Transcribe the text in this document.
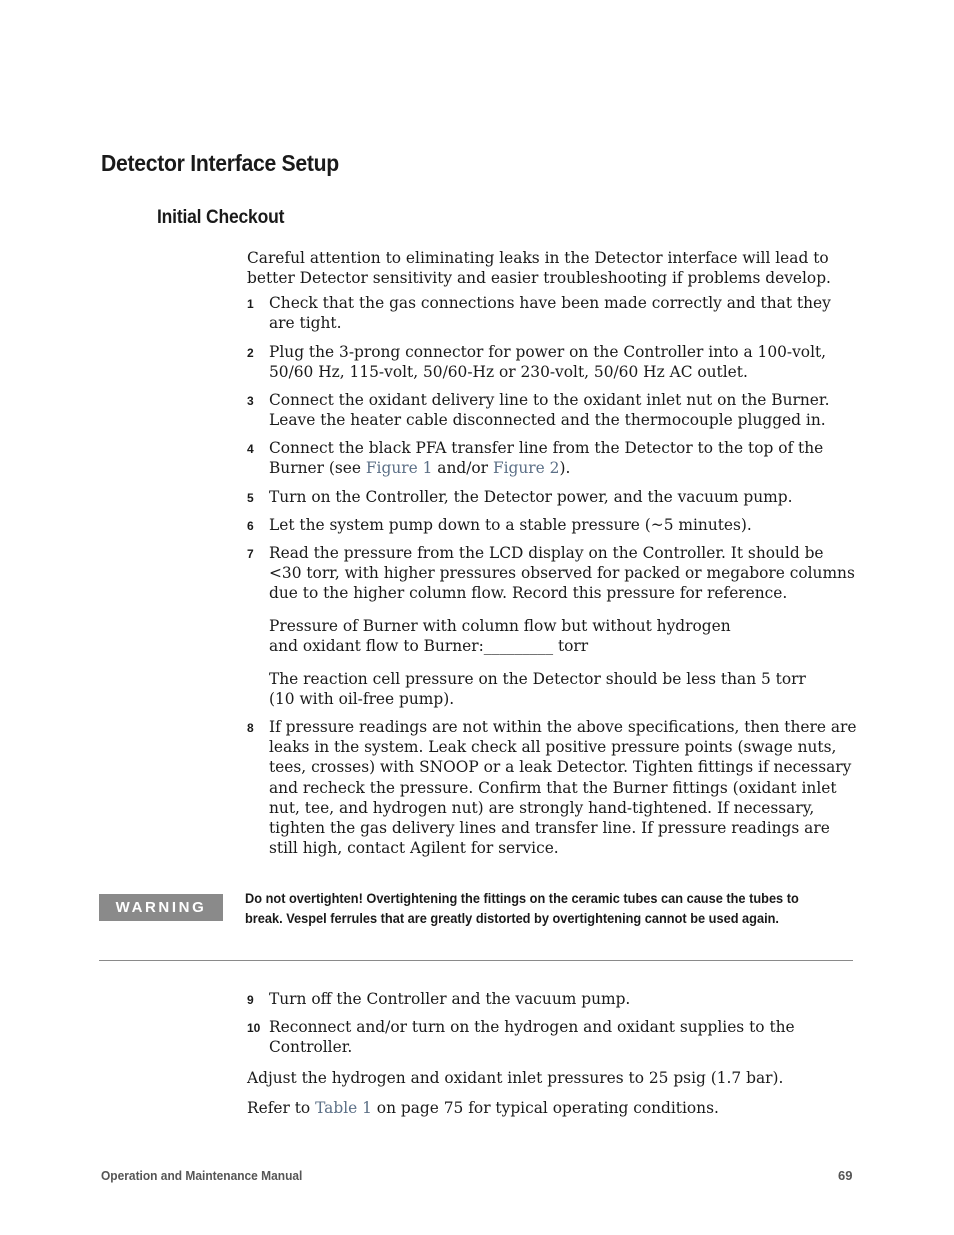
Detector Interface Setup
Initial Checkout

Careful attention to eliminating leaks in the Detector interface will lead to better Detector sensitivity and easier troubleshooting if problems develop.

1 Check that the gas connections have been made correctly and that they are tight.
2 Plug the 3-prong connector for power on the Controller into a 100-volt, 50/60 Hz, 115-volt, 50/60-Hz or 230-volt, 50/60 Hz AC outlet.
3 Connect the oxidant delivery line to the oxidant inlet nut on the Burner. Leave the heater cable disconnected and the thermocouple plugged in.
4 Connect the black PFA transfer line from the Detector to the top of the Burner (see Figure 1 and/or Figure 2).
5 Turn on the Controller, the Detector power, and the vacuum pump.
6 Let the system pump down to a stable pressure (~5 minutes).
7 Read the pressure from the LCD display on the Controller. It should be <30 torr, with higher pressures observed for packed or megabore columns due to the higher column flow. Record this pressure for reference.
Pressure of Burner with column flow but without hydrogen
and oxidant flow to Burner:_________ torr
The reaction cell pressure on the Detector should be less than 5 torr
(10 with oil-free pump).
8 If pressure readings are not within the above specifications, then there are leaks in the system. Leak check all positive pressure points (swage nuts, tees, crosses) with SNOOP or a leak Detector. Tighten fittings if necessary and recheck the pressure. Confirm that the Burner fittings (oxidant inlet nut, tee, and hydrogen nut) are strongly hand-tightened. If necessary, tighten the gas delivery lines and transfer line. If pressure readings are still high, contact Agilent for service.
WARNING
Do not overtighten! Overtightening the fittings on the ceramic tubes can cause the tubes to break. Vespel ferrules that are greatly distorted by overtightening cannot be used again.
9 Turn off the Controller and the vacuum pump.
10 Reconnect and/or turn on the hydrogen and oxidant supplies to the Controller.

Adjust the hydrogen and oxidant inlet pressures to 25 psig (1.7 bar).

Refer to Table 1 on page 75 for typical operating conditions.

Operation and Maintenance Manual	69
